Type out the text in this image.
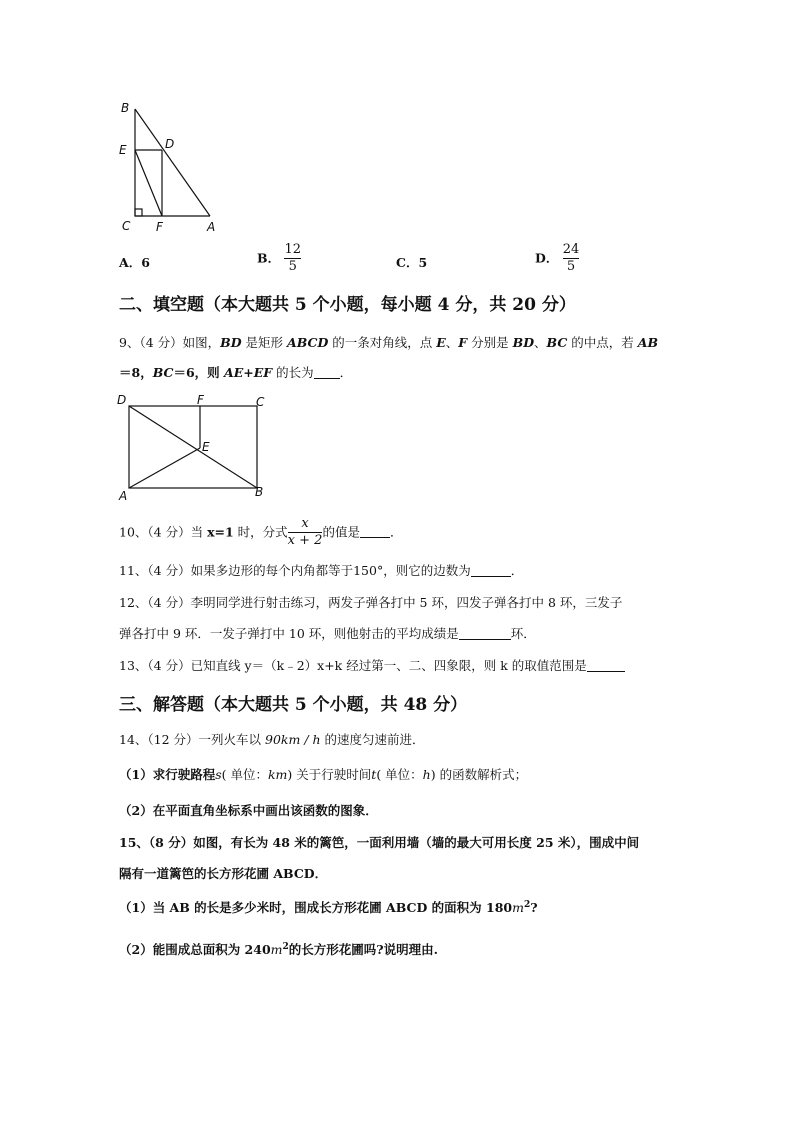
B
E	D
C F	A
A．6	B． $\frac{12}{5}$	C．5	D． $\frac{24}{5}$
二、填空题（本大题共 5 个小题，每小题 4 分，共 20 分）
9、（4 分）如图，BD 是矩形 ABCD 的一条对角线，点 E、F 分别是 BD、BC 的中点，若 AB
＝8，BC＝6，则 AE+EF 的长为 ．
D	F	C
E
A	B
10、（4 分）当 x=1 时，分式 $\frac{x}{x + 2}$ 的值是 ．
11、（4 分）如果多边形的每个内角都等于150°，则它的边数为	．
12、（4 分）李明同学进行射击练习，两发子弹各打中 5 环，四发子弹各打中 8 环，三发子
弹各打中 9 环．一发子弹打中 10 环，则他射击的平均成绩是	环．
13、（4 分）已知直线 y＝（k﹣2）x+k 经过第一、二、四象限，则 k 的取值范围是
三、解答题（本大题共 5 个小题，共 48 分）
14、（12 分）一列火车以 90km / h 的速度匀速前进．
（1）求行驶路程s( 单位：km) 关于行驶时间t( 单位：h) 的函数解析式；
（2）在平面直角坐标系中画出该函数的图象．
15、（8 分）如图，有长为 48 米的篱笆，一面利用墙（墙的最大可用长度 25 米），围成中间
隔有一道篱笆的长方形花圃 ABCD．
（1）当 AB 的长是多少米时，围成长方形花圃 ABCD 的面积为 $180m^2$?
（2）能围成总面积为 $240m^2$的长方形花圃吗?说明理由.
